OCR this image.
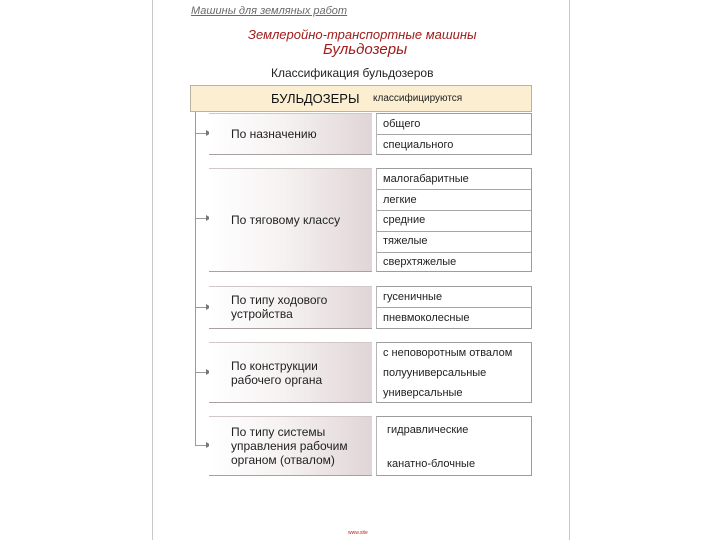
Машины для земляных работ
Землеройно-транспортные машины
Бульдозеры
Классификация бульдозеров
БУЛЬДОЗЕРЫ классифицируются
По назначению
общего
специального
По тяговому классу
малогабаритные
легкие
средние
тяжелые
сверхтяжелые
По типу ходового устройства
гусеничные
пневмоколесные
По конструкции рабочего органа
с неповоротным отвалом
полууниверсальные
универсальные
По типу системы управления рабочим органом (отвалом)
гидравлические
канатно-блочные
www.site
